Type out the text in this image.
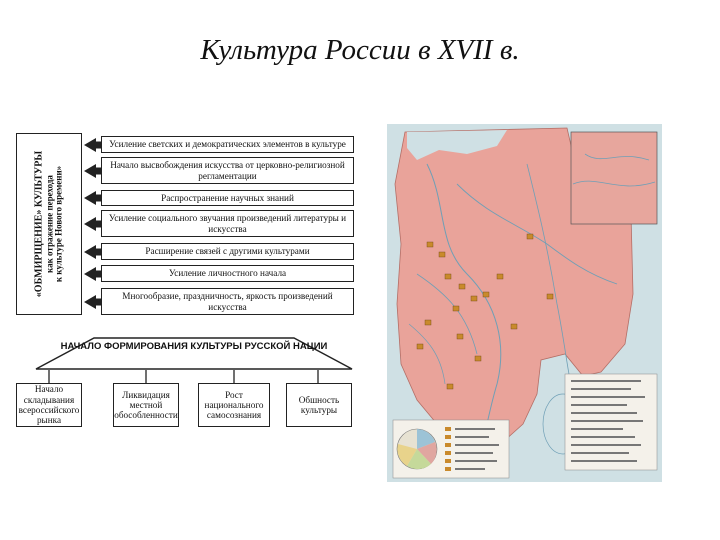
Культура России в XVII в.
«ОБМИРЩЕНИЕ» КУЛЬТУРЫ как отражение перехода к культуре Нового времени»
Усиление светских и демократических элементов в культуре
Начало высвобождения искусства от церковно-религиозной регламентации
Распространение научных знаний
Усиление социального звучания произведений литературы и искусства
Расширение связей с другими культурами
Усиление личностного начала
Многообразие, праздничность, яркость произведений искусства
НАЧАЛО ФОРМИРОВАНИЯ КУЛЬТУРЫ РУССКОЙ НАЦИИ
Начало складывания всероссийского рынка
Ликвидация местной обособленности
Рост национального самосознания
Обшность культуры
